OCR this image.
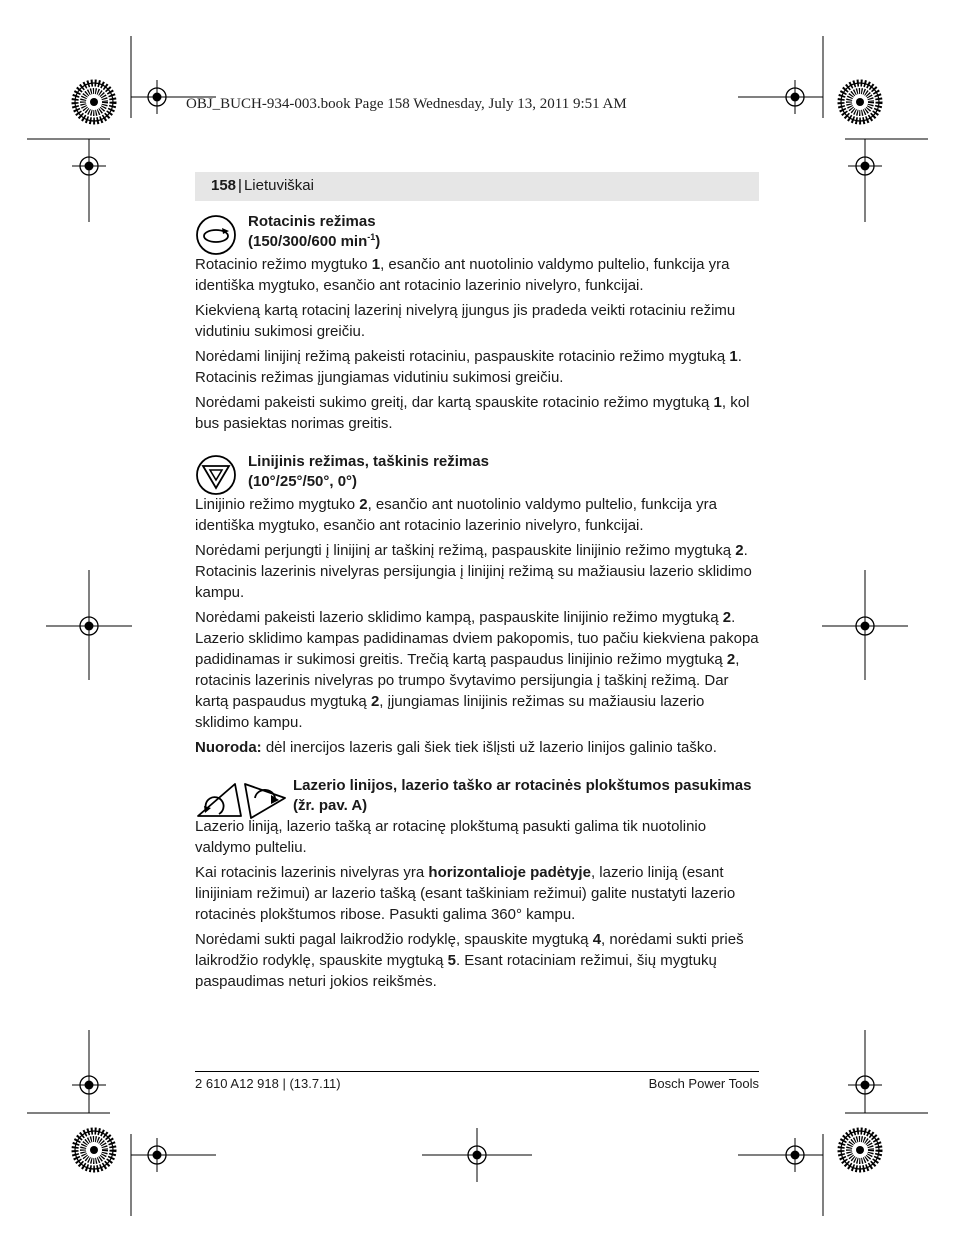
OBJ_BUCH-934-003.book Page 158 Wednesday, July 13, 2011 9:51 AM
158 | Lietuviškai
Rotacinis režimas
(150/300/600 $\min^{-1}$)

Rotacinio režimo mygtuko 1, esančio ant nuotolinio valdymo pultelio, funkcija yra identiška mygtuko, esančio ant rotacinio lazerinio nivelyro, funkcijai.

Kiekvieną kartą rotacinį lazerinį nivelyrą įjungus jis pradeda veikti rotaciniu režimu vidutiniu sukimosi greičiu.

Norėdami linijinį režimą pakeisti rotaciniu, paspauskite rotacinio režimo mygtuką 1. Rotacinis režimas įjungiamas vidutiniu sukimosi greičiu.

Norėdami pakeisti sukimo greitį, dar kartą spauskite rotacinio režimo mygtuką 1, kol bus pasiektas norimas greitis.

Linijinis režimas, taškinis režimas
(10°/25°/50°, 0°)

Linijinio režimo mygtuko 2, esančio ant nuotolinio valdymo pultelio, funkcija yra identiška mygtuko, esančio ant rotacinio lazerinio nivelyro, funkcijai.

Norėdami perjungti į linijinį ar taškinį režimą, paspauskite linijinio režimo mygtuką 2. Rotacinis lazerinis nivelyras persijungia į linijinį režimą su mažiausiu lazerio sklidimo kampu.

Norėdami pakeisti lazerio sklidimo kampą, paspauskite linijinio režimo mygtuką 2. Lazerio sklidimo kampas padidinamas dviem pakopomis, tuo pačiu kiekviena pakopa padidinamas ir sukimosi greitis. Trečią kartą paspaudus linijinio režimo mygtuką 2, rotacinis lazerinis nivelyras po trumpo švytavimo persijungia į taškinį režimą. Dar kartą paspaudus mygtuką 2, įjungiamas linijinis režimas su mažiausiu lazerio sklidimo kampu.

Nuoroda: dėl inercijos lazeris gali šiek tiek išlįsti už lazerio linijos galinio taško.

Lazerio linijos, lazerio taško ar rotacinės plokštumos pasukimas
(žr. pav. A)

Lazerio liniją, lazerio tašką ar rotacinę plokštumą pasukti galima tik nuotolinio valdymo pulteliu.

Kai rotacinis lazerinis nivelyras yra horizontalioje padėtyje, lazerio liniją (esant linijiniam režimui) ar lazerio tašką (esant taškiniam režimui) galite nustatyti lazerio rotacinės plokštumos ribose. Pasukti galima 360° kampu.

Norėdami sukti pagal laikrodžio rodyklę, spauskite mygtuką 4, norėdami sukti prieš laikrodžio rodyklę, spauskite mygtuką 5. Esant rotaciniam režimui, šių mygtukų paspaudimas neturi jokios reikšmės.

2 610 A12 918 | (13.7.11)	Bosch Power Tools
